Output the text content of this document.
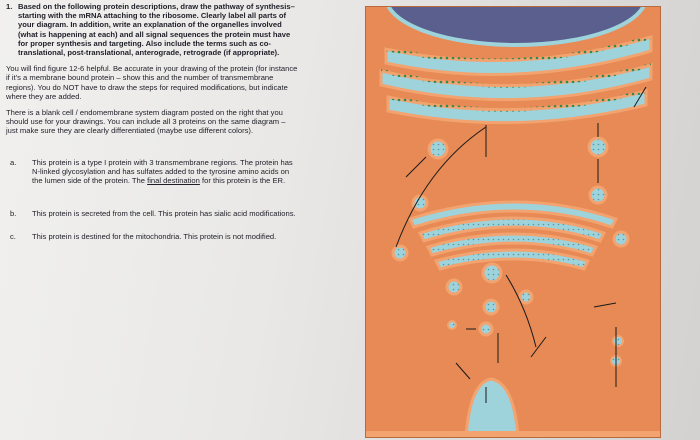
1. Based on the following protein descriptions, draw the pathway of synthesis–starting with the mRNA attaching to the ribosome. Clearly label all parts of your diagram. In addition, write an explanation of the organelles involved (what is happening at each) and all signal sequences the protein must have for proper synthesis and targeting. Also include the terms such as co-translational, post-translational, anterograde, retrograde (if appropriate).
You will find figure 12-6 helpful. Be accurate in your drawing of the protein (for instance if it's a membrane bound protein – show this and the number of transmembrane regions). You do NOT have to draw the steps for required modifications, but indicate where they are added.
There is a blank cell / endomembrane system diagram posted on the right that you should use for your drawings. You can include all 3 proteins on the same diagram – just make sure they are clearly differentiated (maybe use different colors).
a. This protein is a type I protein with 3 transmembrane regions. The protein has N-linked glycosylation and has sulfates added to the tyrosine amino acids on the lumen side of the protein. The final destination for this protein is the ER.
b. This protein is secreted from the cell. This protein has sialic acid modifications.
c. This protein is destined for the mitochondria. This protein is not modified.
